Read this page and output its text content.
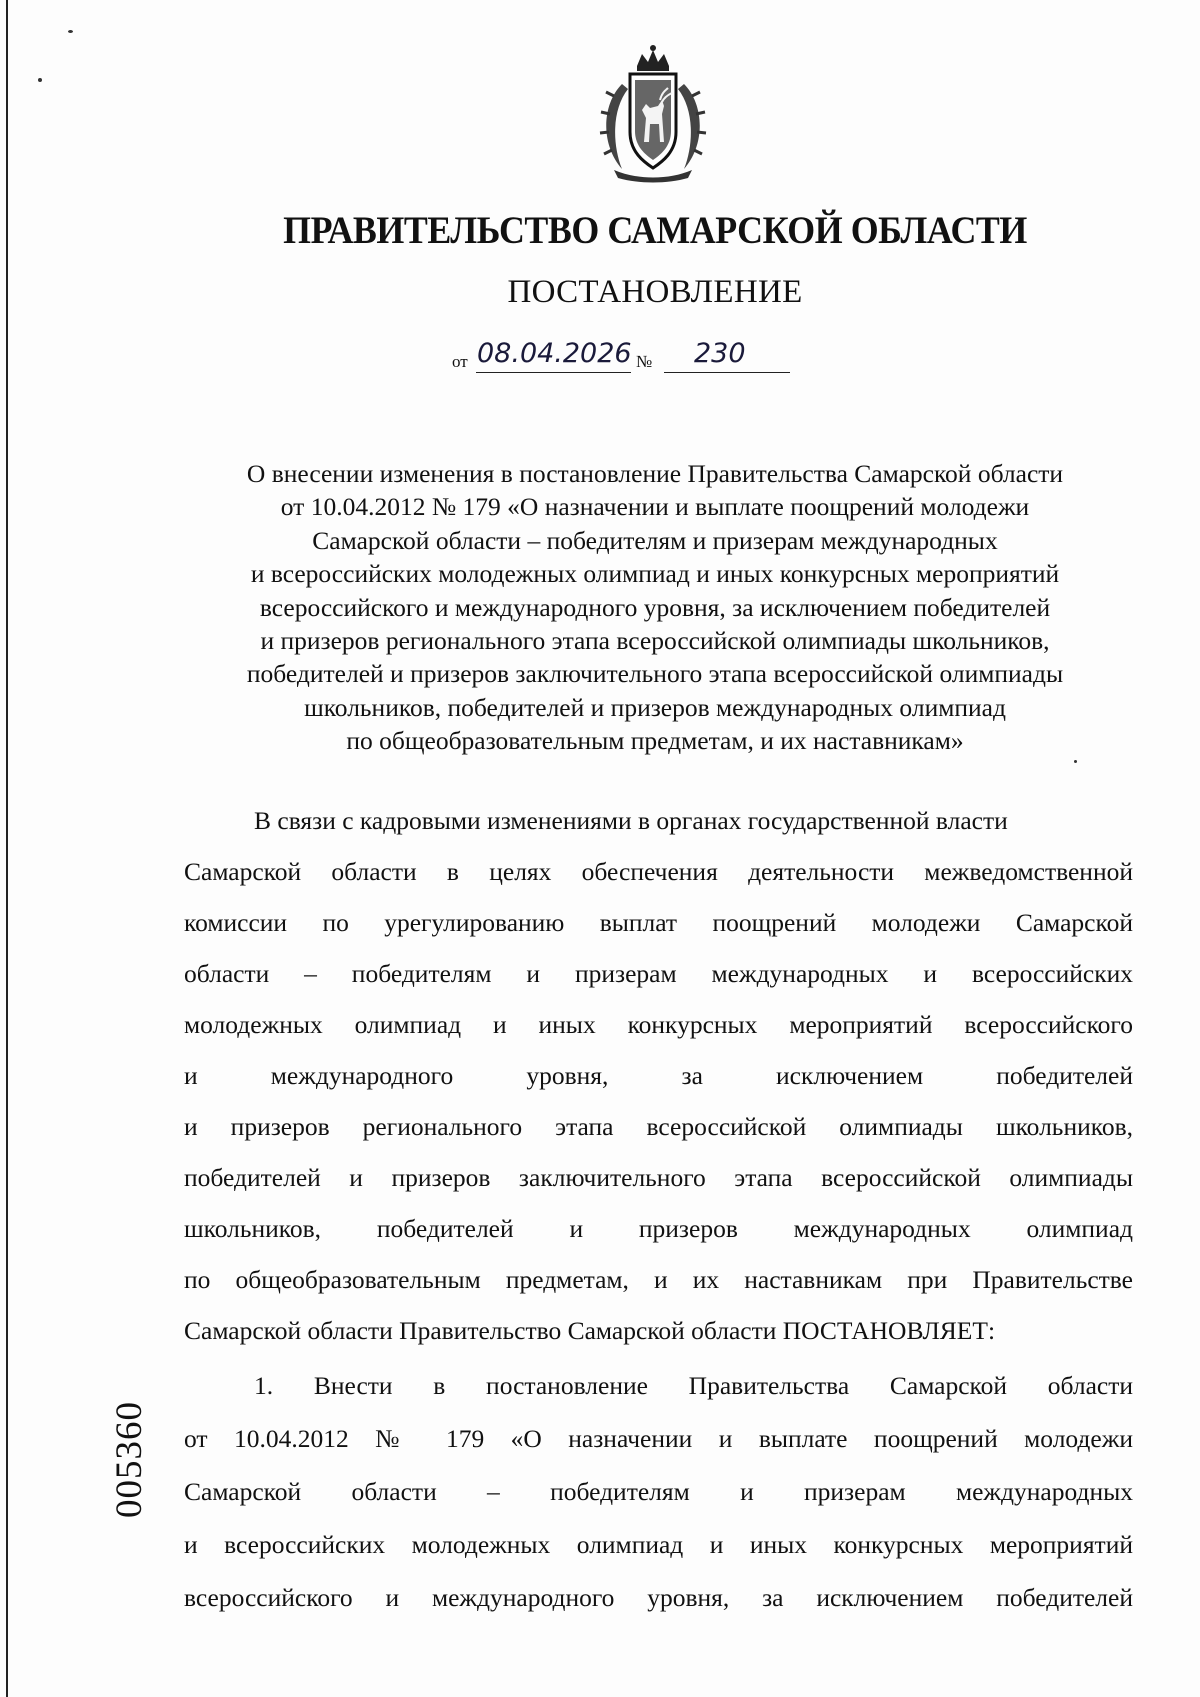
ПРАВИТЕЛЬСТВО САМАРСКОЙ ОБЛАСТИ
ПОСТАНОВЛЕНИЕ
от 08.04.2026 № 230
О внесении изменения в постановление Правительства Самарской области
от 10.04.2012 № 179 «О назначении и выплате поощрений молодежи
Самарской области – победителям и призерам международных
и всероссийских молодежных олимпиад и иных конкурсных мероприятий
всероссийского и международного уровня, за исключением победителей
и призеров регионального этапа всероссийской олимпиады школьников,
победителей и призеров заключительного этапа всероссийской олимпиады
школьников, победителей и призеров международных олимпиад
по общеобразовательным предметам, и их наставникам»
В связи с кадровыми изменениями в органах государственной власти
Самарской области в целях обеспечения деятельности межведомственной
комиссии по урегулированию выплат поощрений молодежи Самарской
области – победителям и призерам международных и всероссийских
молодежных олимпиад и иных конкурсных мероприятий всероссийского
и международного уровня, за исключением победителей
и призеров регионального этапа всероссийской олимпиады школьников,
победителей и призеров заключительного этапа всероссийской олимпиады
школьников, победителей и призеров международных олимпиад
по общеобразовательным предметам, и их наставникам при Правительстве
Самарской области Правительство Самарской области ПОСТАНОВЛЯЕТ:
1. Внести в постановление Правительства Самарской области
от 10.04.2012 № 179 «О назначении и выплате поощрений молодежи
Самарской области – победителям и призерам международных
и всероссийских молодежных олимпиад и иных конкурсных мероприятий
всероссийского и международного уровня, за исключением победителей
005360
